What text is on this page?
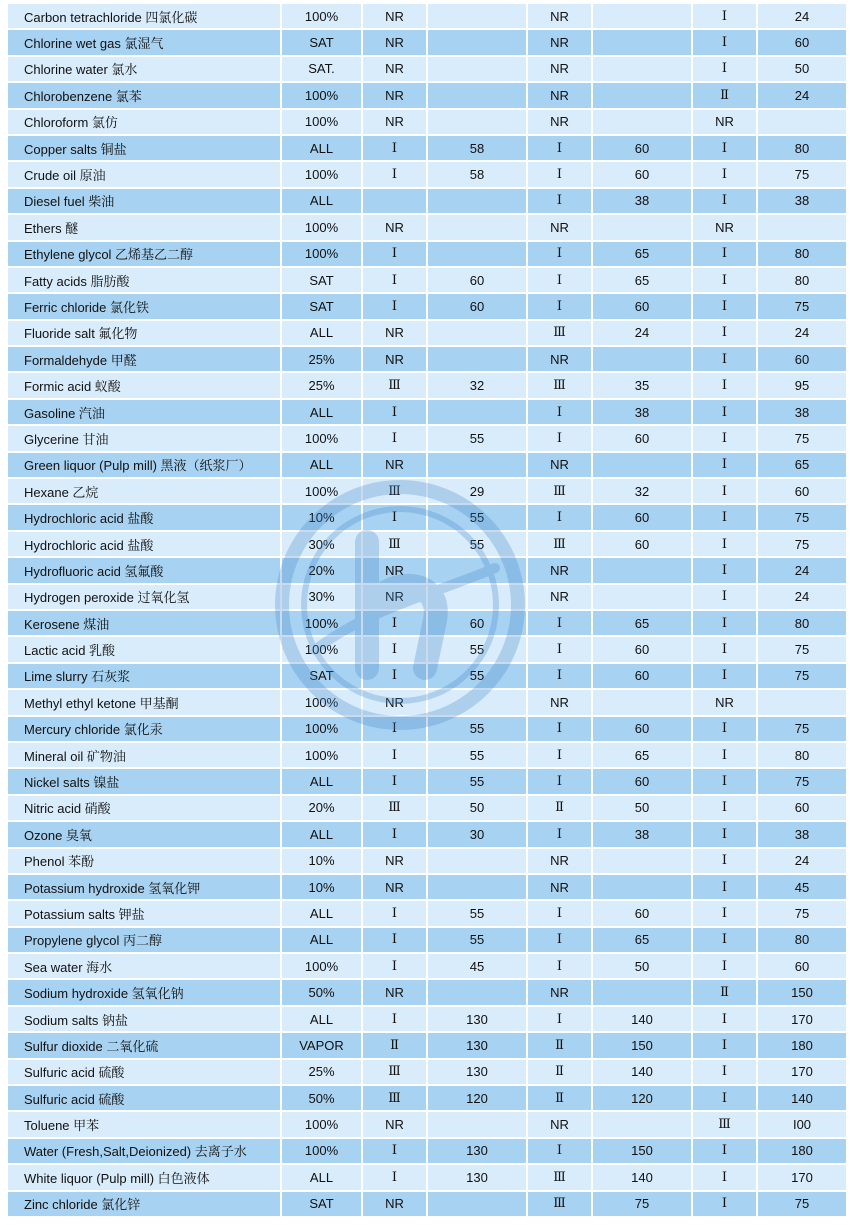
Carbon tetrachloride 四氯化碳	100%	NR		NR		Ⅰ	24
Chlorine wet gas 氯湿气	SAT	NR		NR		Ⅰ	60
Chlorine water 氯水	SAT.	NR		NR		Ⅰ	50
Chlorobenzene 氯苯	100%	NR		NR		Ⅱ	24
Chloroform 氯仿	100%	NR		NR		NR	
Copper salts 铜盐	ALL	Ⅰ	58	Ⅰ	60	Ⅰ	80
Crude oil 原油	100%	Ⅰ	58	Ⅰ	60	Ⅰ	75
Diesel fuel 柴油	ALL			Ⅰ	38	Ⅰ	38
Ethers 醚	100%	NR		NR		NR	
Ethylene glycol 乙烯基乙二醇	100%	Ⅰ		Ⅰ	65	Ⅰ	80
Fatty acids 脂肪酸	SAT	Ⅰ	60	Ⅰ	65	Ⅰ	80
Ferric chloride 氯化铁	SAT	Ⅰ	60	Ⅰ	60	Ⅰ	75
Fluoride salt 氟化物	ALL	NR		Ⅲ	24	Ⅰ	24
Formaldehyde 甲醛	25%	NR		NR		Ⅰ	60
Formic acid 蚁酸	25%	Ⅲ	32	Ⅲ	35	Ⅰ	95
Gasoline 汽油	ALL	Ⅰ		Ⅰ	38	Ⅰ	38
Glycerine 甘油	100%	Ⅰ	55	Ⅰ	60	Ⅰ	75
Green liquor (Pulp mill) 黑液（纸浆厂）	ALL	NR		NR		Ⅰ	65
Hexane 乙烷	100%	Ⅲ	29	Ⅲ	32	Ⅰ	60
Hydrochloric acid 盐酸	10%	Ⅰ	55	Ⅰ	60	Ⅰ	75
Hydrochloric acid 盐酸	30%	Ⅲ	55	Ⅲ	60	Ⅰ	75
Hydrofluoric acid 氢氟酸	20%	NR		NR		Ⅰ	24
Hydrogen peroxide 过氧化氢	30%	NR		NR		Ⅰ	24
Kerosene 煤油	100%	Ⅰ	60	Ⅰ	65	Ⅰ	80
Lactic acid 乳酸	100%	Ⅰ	55	Ⅰ	60	Ⅰ	75
Lime slurry 石灰浆	SAT	Ⅰ	55	Ⅰ	60	Ⅰ	75
Methyl ethyl ketone 甲基酮	100%	NR		NR		NR	
Mercury chloride 氯化汞	100%	Ⅰ	55	Ⅰ	60	Ⅰ	75
Mineral oil 矿物油	100%	Ⅰ	55	Ⅰ	65	Ⅰ	80
Nickel salts 镍盐	ALL	Ⅰ	55	Ⅰ	60	Ⅰ	75
Nitric acid 硝酸	20%	Ⅲ	50	Ⅱ	50	Ⅰ	60
Ozone 臭氧	ALL	Ⅰ	30	Ⅰ	38	Ⅰ	38
Phenol 苯酚	10%	NR		NR		Ⅰ	24
Potassium hydroxide 氢氧化钾	10%	NR		NR		Ⅰ	45
Potassium salts 钾盐	ALL	Ⅰ	55	Ⅰ	60	Ⅰ	75
Propylene glycol 丙二醇	ALL	Ⅰ	55	Ⅰ	65	Ⅰ	80
Sea water 海水	100%	Ⅰ	45	Ⅰ	50	Ⅰ	60
Sodium hydroxide 氢氧化钠	50%	NR		NR		Ⅱ	150
Sodium salts 钠盐	ALL	Ⅰ	130	Ⅰ	140	Ⅰ	170
Sulfur dioxide 二氧化硫	VAPOR	Ⅱ	130	Ⅱ	150	Ⅰ	180
Sulfuric acid 硫酸	25%	Ⅲ	130	Ⅱ	140	Ⅰ	170
Sulfuric acid 硫酸	50%	Ⅲ	120	Ⅱ	120	Ⅰ	140
Toluene 甲苯	100%	NR		NR		Ⅲ	I00
Water (Fresh,Salt,Deionized) 去离子水	100%	Ⅰ	130	Ⅰ	150	Ⅰ	180
White liquor (Pulp mill) 白色液体	ALL	Ⅰ	130	Ⅲ	140	Ⅰ	170
Zinc chloride 氯化锌	SAT	NR		Ⅲ	75	Ⅰ	75
